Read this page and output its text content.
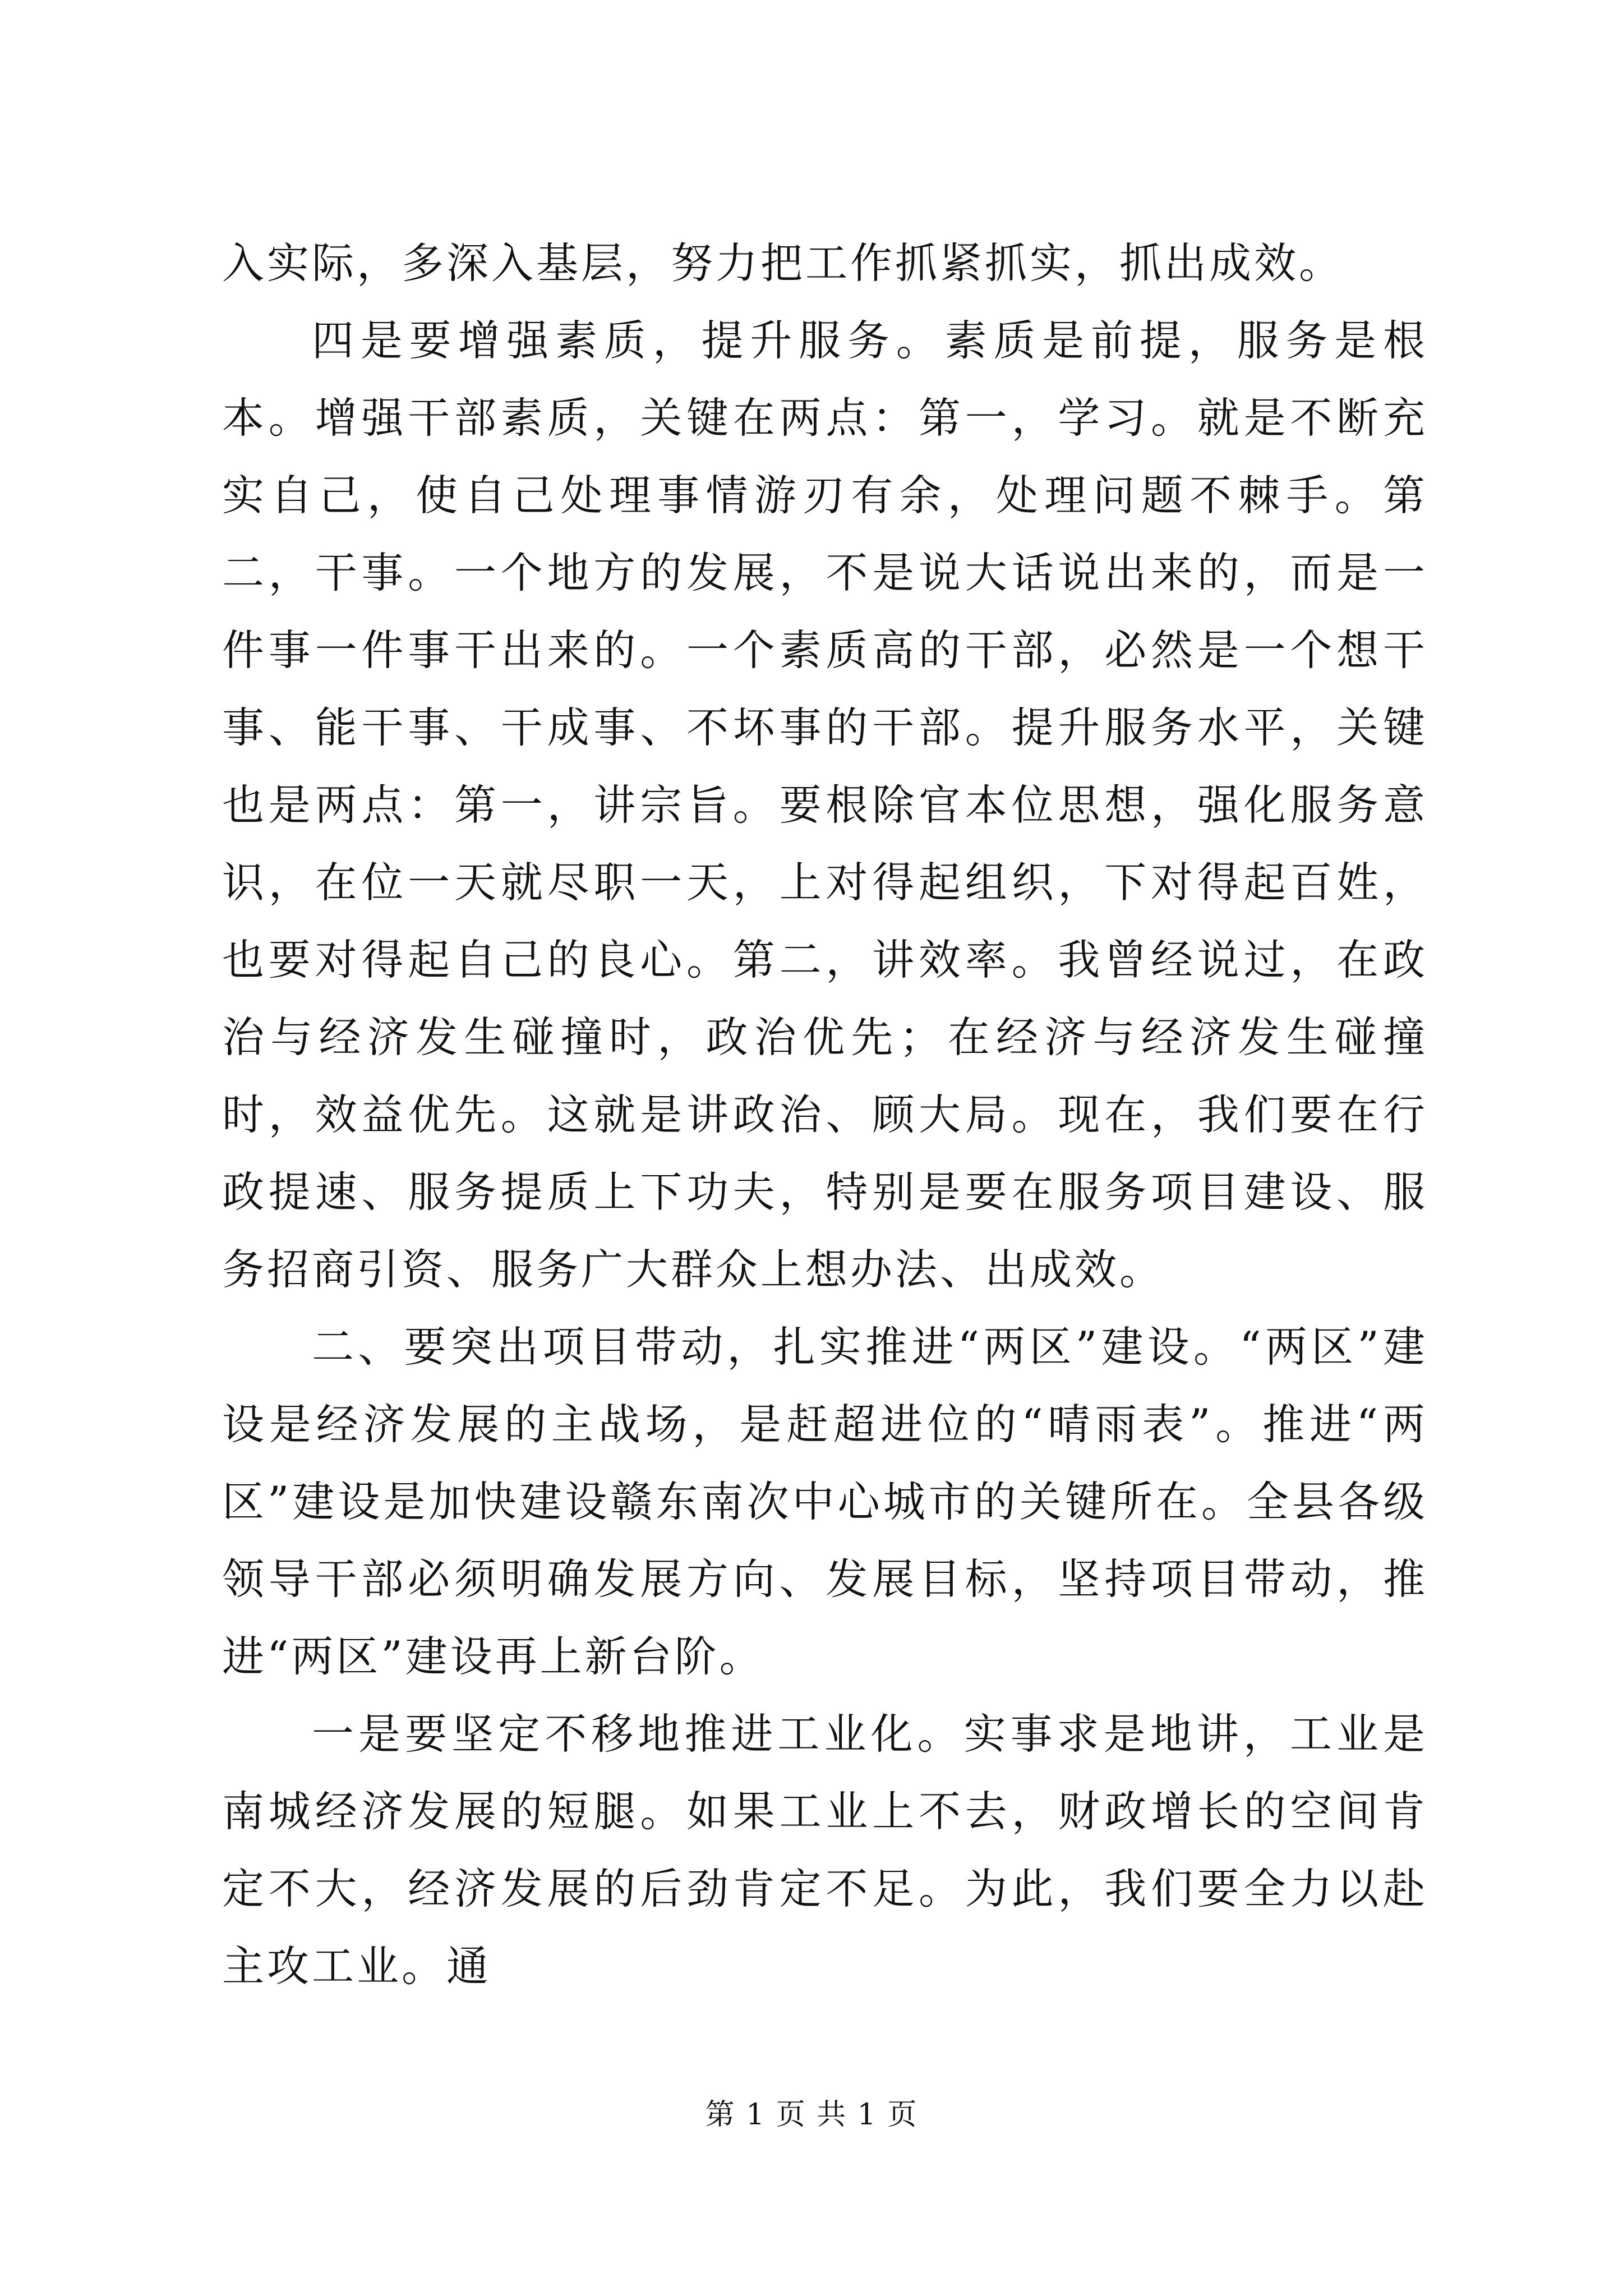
入实际，多深入基层，努力把工作抓紧抓实，抓出成效。

四是要增强素质，提升服务。素质是前提，服务是根本。增强干部素质，关键在两点：第一，学习。就是不断充实自己，使自己处理事情游刃有余，处理问题不棘手。第二，干事。一个地方的发展，不是说大话说出来的，而是一件事一件事干出来的。一个素质高的干部，必然是一个想干事、能干事、干成事、不坏事的干部。提升服务水平，关键也是两点：第一，讲宗旨。要根除官本位思想，强化服务意识，在位一天就尽职一天，上对得起组织，下对得起百姓，也要对得起自己的良心。第二，讲效率。我曾经说过，在政治与经济发生碰撞时，政治优先；在经济与经济发生碰撞时，效益优先。这就是讲政治、顾大局。现在，我们要在行政提速、服务提质上下功夫，特别是要在服务项目建设、服务招商引资、服务广大群众上想办法、出成效。

二、要突出项目带动，扎实推进“两区”建设。“两区”建设是经济发展的主战场，是赶超进位的“晴雨表”。推进“两区”建设是加快建设赣东南次中心城市的关键所在。全县各级领导干部必须明确发展方向、发展目标，坚持项目带动，推进“两区”建设再上新台阶。

一是要坚定不移地推进工业化。实事求是地讲，工业是南城经济发展的短腿。如果工业上不去，财政增长的空间肯定不大，经济发展的后劲肯定不足。为此，我们要全力以赴主攻工业。通

第 1 页 共 1 页
